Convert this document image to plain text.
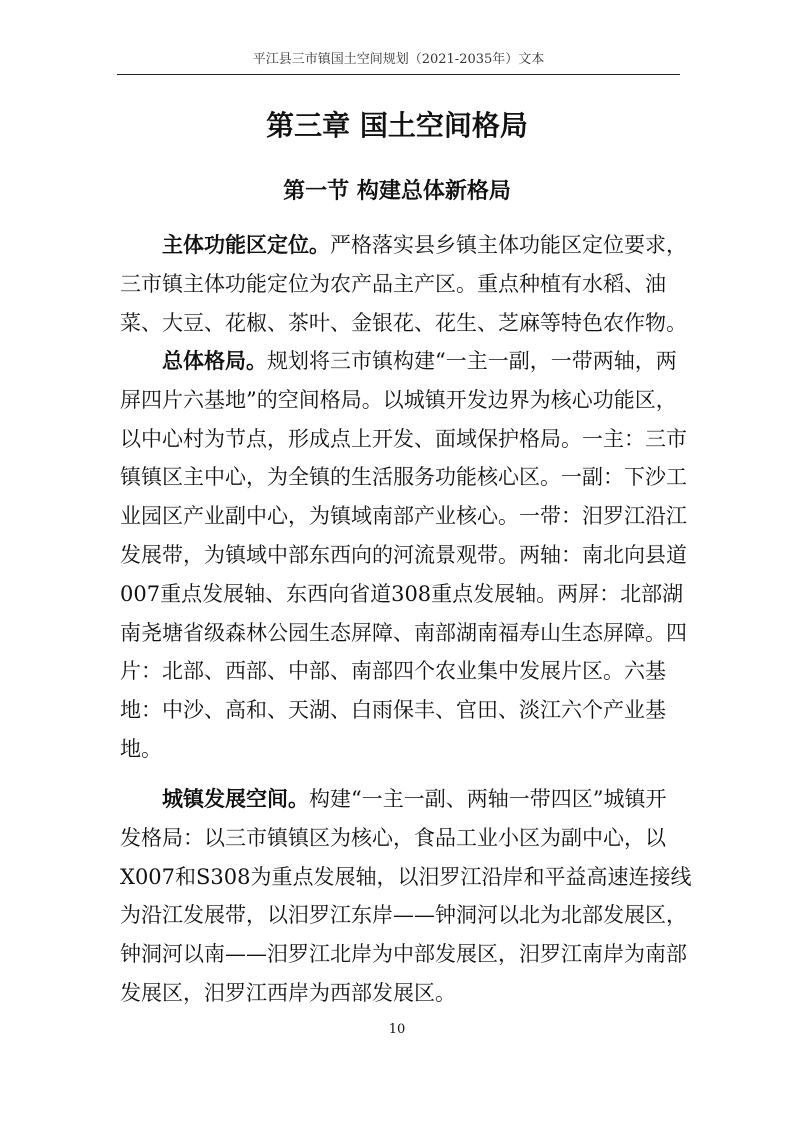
平江县三市镇国土空间规划（2021-2035年）文本
第三章 国土空间格局
第一节 构建总体新格局
主体功能区定位。严格落实县乡镇主体功能区定位要求，
三市镇主体功能定位为农产品主产区。重点种植有水稻、油
菜、大豆、花椒、茶叶、金银花、花生、芝麻等特色农作物。
总体格局。规划将三市镇构建“一主一副，一带两轴，两
屏四片六基地”的空间格局。以城镇开发边界为核心功能区，
以中心村为节点，形成点上开发、面域保护格局。一主：三市
镇镇区主中心，为全镇的生活服务功能核心区。一副：下沙工
业园区产业副中心，为镇域南部产业核心。一带：汨罗江沿江
发展带，为镇域中部东西向的河流景观带。两轴：南北向县道
007重点发展轴、东西向省道308重点发展轴。两屏：北部湖
南尧塘省级森林公园生态屏障、南部湖南福寿山生态屏障。四
片：北部、西部、中部、南部四个农业集中发展片区。六基
地：中沙、高和、天湖、白雨保丰、官田、淡江六个产业基
地。
城镇发展空间。构建“一主一副、两轴一带四区”城镇开
发格局：以三市镇镇区为核心，食品工业小区为副中心，以
X007和S308为重点发展轴，以汨罗江沿岸和平益高速连接线
为沿江发展带，以汨罗江东岸——钟洞河以北为北部发展区，
钟洞河以南——汨罗江北岸为中部发展区，汨罗江南岸为南部
发展区，汨罗江西岸为西部发展区。
10
